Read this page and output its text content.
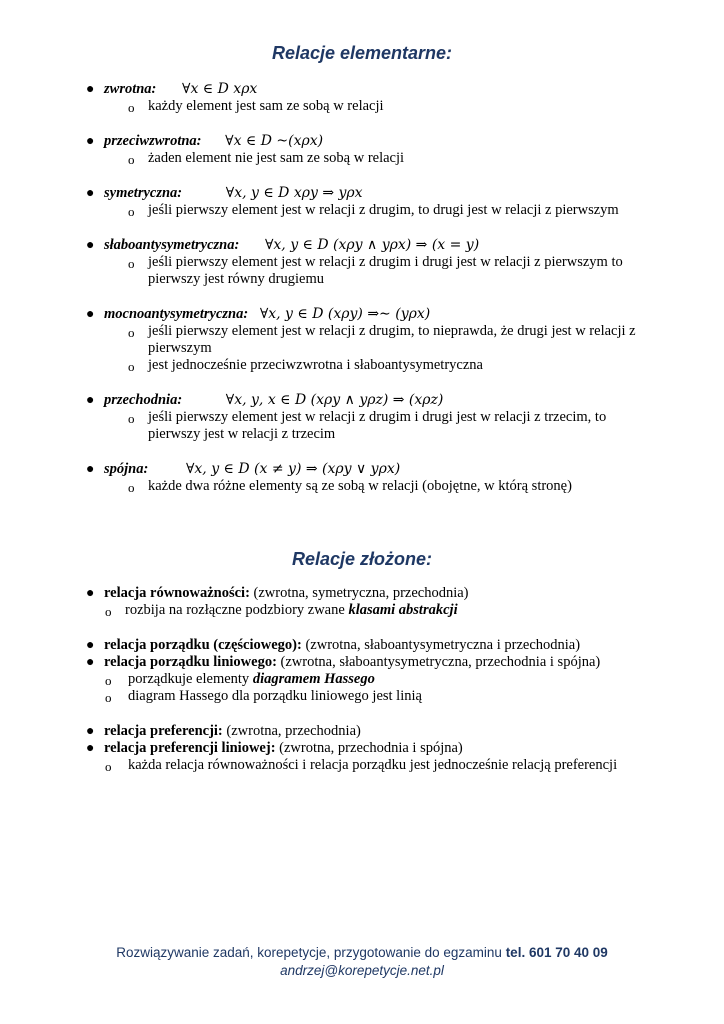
Relacje elementarne:
● zwrotna: ∀𝑥 ∈ 𝐷 𝑥𝜌𝑥
o każdy element jest sam ze sobą w relacji
● przeciwzwrotna: ∀𝑥 ∈ 𝐷 ~(𝑥𝜌𝑥)
o żaden element nie jest sam ze sobą w relacji
● symetryczna:	∀𝑥, 𝑦 ∈ 𝐷 𝑥𝜌𝑦 ⇒ 𝑦𝜌𝑥
o jeśli pierwszy element jest w relacji z drugim, to drugi jest w relacji z pierwszym
● słaboantysymetryczna: ∀𝑥, 𝑦 ∈ 𝐷 (𝑥𝜌𝑦 ∧ 𝑦𝜌𝑥) ⇒ (𝑥 = 𝑦)
o jeśli pierwszy element jest w relacji z drugim i drugi jest w relacji z pierwszym to
pierwszy jest równy drugiemu
● mocnoantysymetryczna: ∀𝑥, 𝑦 ∈ 𝐷 (𝑥𝜌𝑦) ⇒∼ (𝑦𝜌𝑥)
o jeśli pierwszy element jest w relacji z drugim, to nieprawda, że drugi jest w relacji z
pierwszym
o jest jednocześnie przeciwzwrotna i słaboantysymetryczna
● przechodnia:	∀𝑥, 𝑦, 𝑥 ∈ 𝐷 (𝑥𝜌𝑦 ∧ 𝑦𝜌𝑧) ⇒ (𝑥𝜌𝑧)
o jeśli pierwszy element jest w relacji z drugim i drugi jest w relacji z trzecim, to
pierwszy jest w relacji z trzecim
● spójna:	∀𝑥, 𝑦 ∈ 𝐷 (𝑥 ≠ 𝑦) ⇒ (𝑥𝜌𝑦 ∨ 𝑦𝜌𝑥)
o każde dwa różne elementy są ze sobą w relacji (obojętne, w którą stronę)
Relacje złożone:
● relacja równoważności: (zwrotna, symetryczna, przechodnia)
o rozbija na rozłączne podzbiory zwane klasami abstrakcji
● relacja porządku (częściowego): (zwrotna, słaboantysymetryczna i przechodnia)
● relacja porządku liniowego: (zwrotna, słaboantysymetryczna, przechodnia i spójna)
o porządkuje elementy diagramem Hassego
o diagram Hassego dla porządku liniowego jest linią
● relacja preferencji: (zwrotna, przechodnia)
● relacja preferencji liniowej: (zwrotna, przechodnia i spójna)
o każda relacja równoważności i relacja porządku jest jednocześnie relacją preferencji
Rozwiązywanie zadań, korepetycje, przygotowanie do egzaminu tel. 601 70 40 09
andrzej@korepetycje.net.pl
